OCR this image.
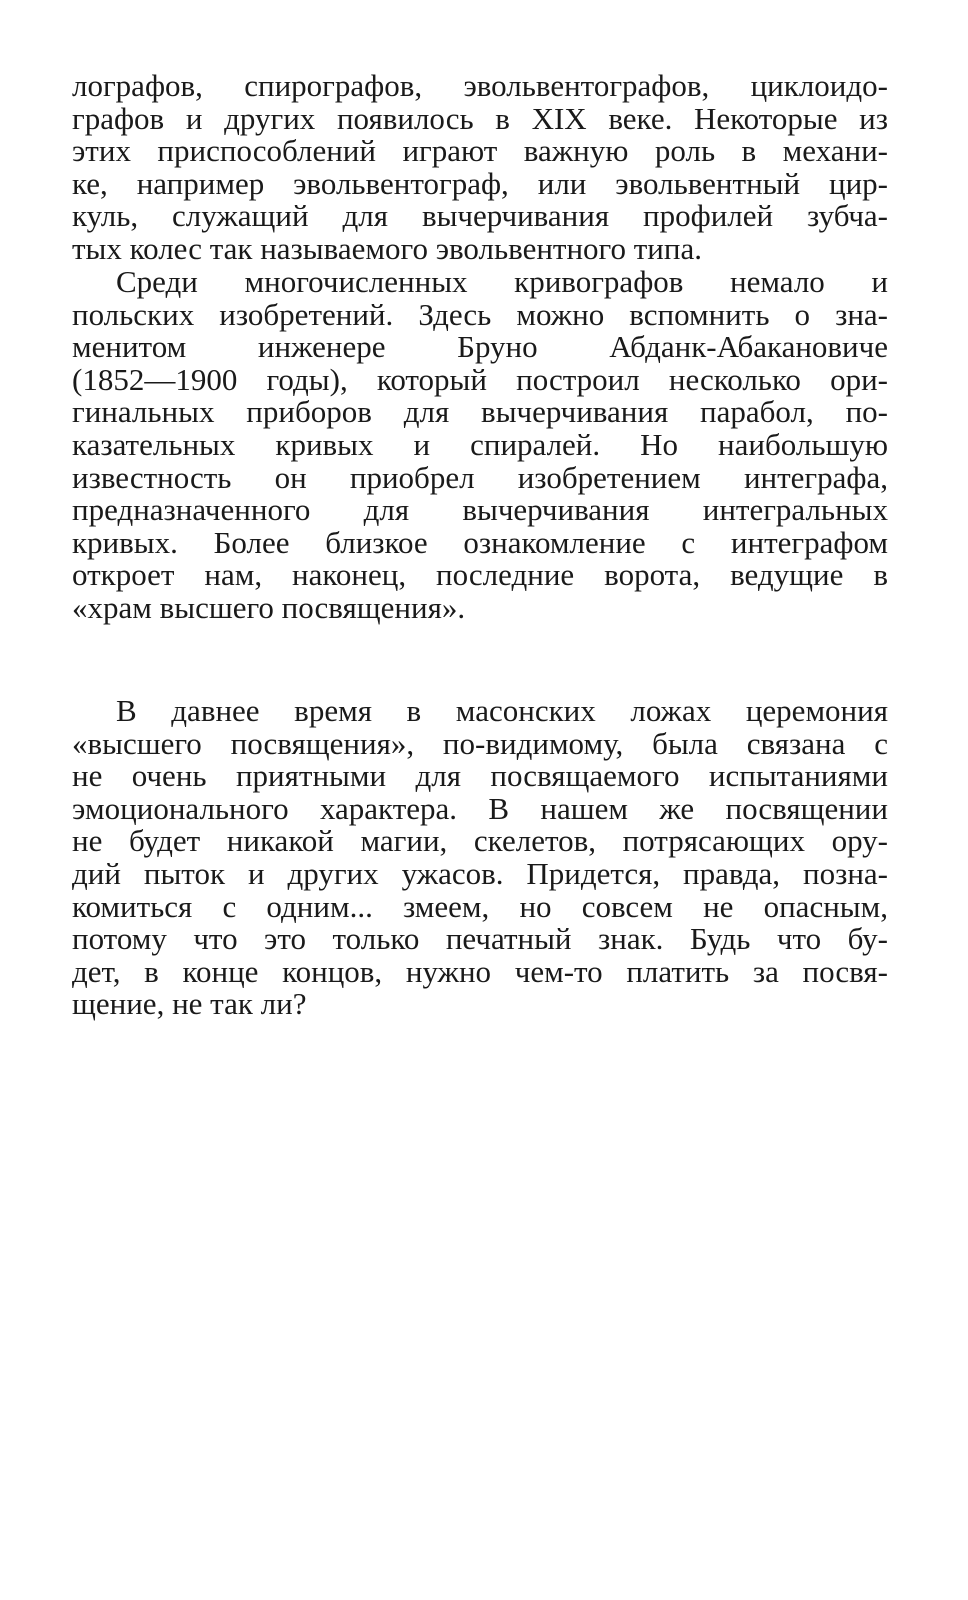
лографов, спирографов, эвольвентографов, циклоидо-
графов и других появилось в XIX веке. Некоторые из
этих приспособлений играют важную роль в механи-
ке, например эвольвентограф, или эвольвентный цир-
куль, служащий для вычерчивания профилей зубча-
тых колес так называемого эвольвентного типа.
Среди многочисленных кривографов немало и
польских изобретений. Здесь можно вспомнить о зна-
менитом инженере Бруно Абданк-Абакановиче
(1852—1900 годы), который построил несколько ори-
гинальных приборов для вычерчивания парабол, по-
казательных кривых и спиралей. Но наибольшую
известность он приобрел изобретением интеграфа,
предназначенного для вычерчивания интегральных
кривых. Более близкое ознакомление с интеграфом
откроет нам, наконец, последние ворота, ведущие в
«храм высшего посвящения».
В давнее время в масонских ложах церемония
«высшего посвящения», по-видимому, была связана с
не очень приятными для посвящаемого испытаниями
эмоционального характера. В нашем же посвящении
не будет никакой магии, скелетов, потрясающих ору-
дий пыток и других ужасов. Придется, правда, позна-
комиться с одним... змеем, но совсем не опасным,
потому что это только печатный знак. Будь что бу-
дет, в конце концов, нужно чем-то платить за посвя-
щение, не так ли?
